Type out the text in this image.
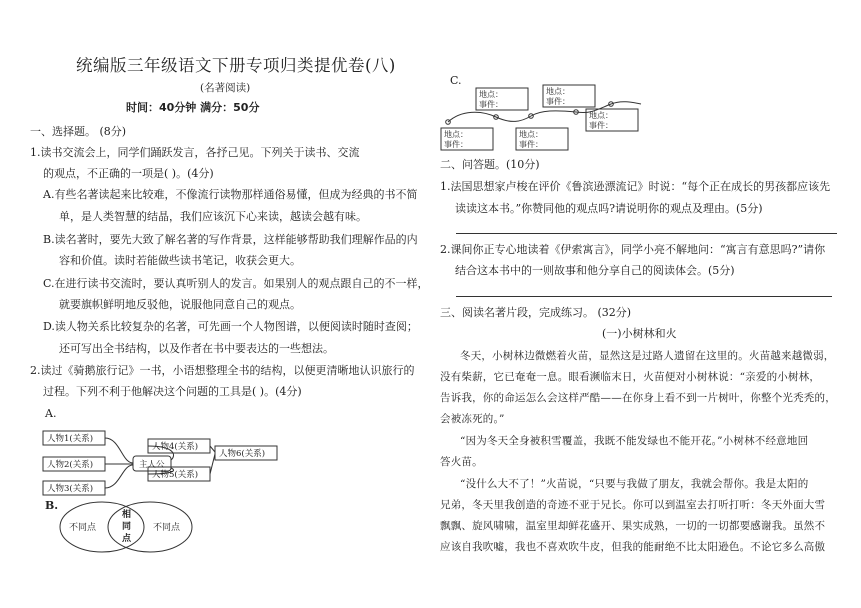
统编版三年级语文下册专项归类提优卷(八)
(名著阅读)
时间：40分钟 满分：50分
一、选择题。 (8分)
1.读书交流会上，同学们踊跃发言，各抒己见。下列关于读书、交流
的观点，不正确的一项是( )。(4分)
A.有些名著读起来比较难，不像流行读物那样通俗易懂，但成为经典的书不简
单，是人类智慧的结晶，我们应该沉下心来读，越读会越有味。
B.读名著时，要先大致了解名著的写作背景，这样能够帮助我们理解作品的内
容和价值。读时若能做些读书笔记，收获会更大。
C.在进行读书交流时，要认真听别人的发言。如果别人的观点跟自己的不一样，
就要旗帜鲜明地反驳他，说服他同意自己的观点。
D.读人物关系比较复杂的名著，可先画一个人物图谱，以便阅读时随时查阅；
还可写出全书结构，以及作者在书中要表达的一些想法。
2.读过《骑鹅旅行记》一书，小语想整理全书的结构，以便更清晰地认识旅行的
过程。下列不利于他解决这个问题的工具是( )。(4分)
A.
人物1(关系)
人物2(关系)
人物3(关系)
主人公
人物4(关系)
人物5(关系)
人物6(关系)
B.
不同点
相
同
点
不同点
C.
地点：
事件：
地点：
事件：
地点：
事件：
地点：
事件：
地点：
事件：
二、问答题。(10分)
1.法国思想家卢梭在评价《鲁滨逊漂流记》时说：“每个正在成长的男孩都应该先
读读这本书。”你赞同他的观点吗?请说明你的观点及理由。(5分)
2.课间你正专心地读着《伊索寓言》，同学小亮不解地问：“寓言有意思吗?”请你
结合这本书中的一则故事和他分享自己的阅读体会。(5分)
三、阅读名著片段，完成练习。 (32分)
(一)小树林和火
冬天，小树林边微燃着火苗，显然这是过路人遗留在这里的。火苗越来越微弱，
没有柴薪，它已奄奄一息。眼看濒临末日，火苗便对小树林说：“亲爱的小树林，
告诉我，你的命运怎么会这样严酷——在你身上看不到一片树叶，你整个光秃秃的，
会被冻死的。”
“因为冬天全身被积雪覆盖，我既不能发绿也不能开花。”小树林不经意地回
答火苗。
“没什么大不了！”火苗说，“只要与我做了朋友，我就会帮你。我是太阳的
兄弟，冬天里我创造的奇迹不亚于兄长。你可以到温室去打听打听：冬天外面大雪
飘飘、旋风啸啸，温室里却鲜花盛开、果实成熟，一切的一切都要感谢我。虽然不
应该自我吹嘘，我也不喜欢吹牛皮，但我的能耐绝不比太阳逊色。不论它多么高傲
